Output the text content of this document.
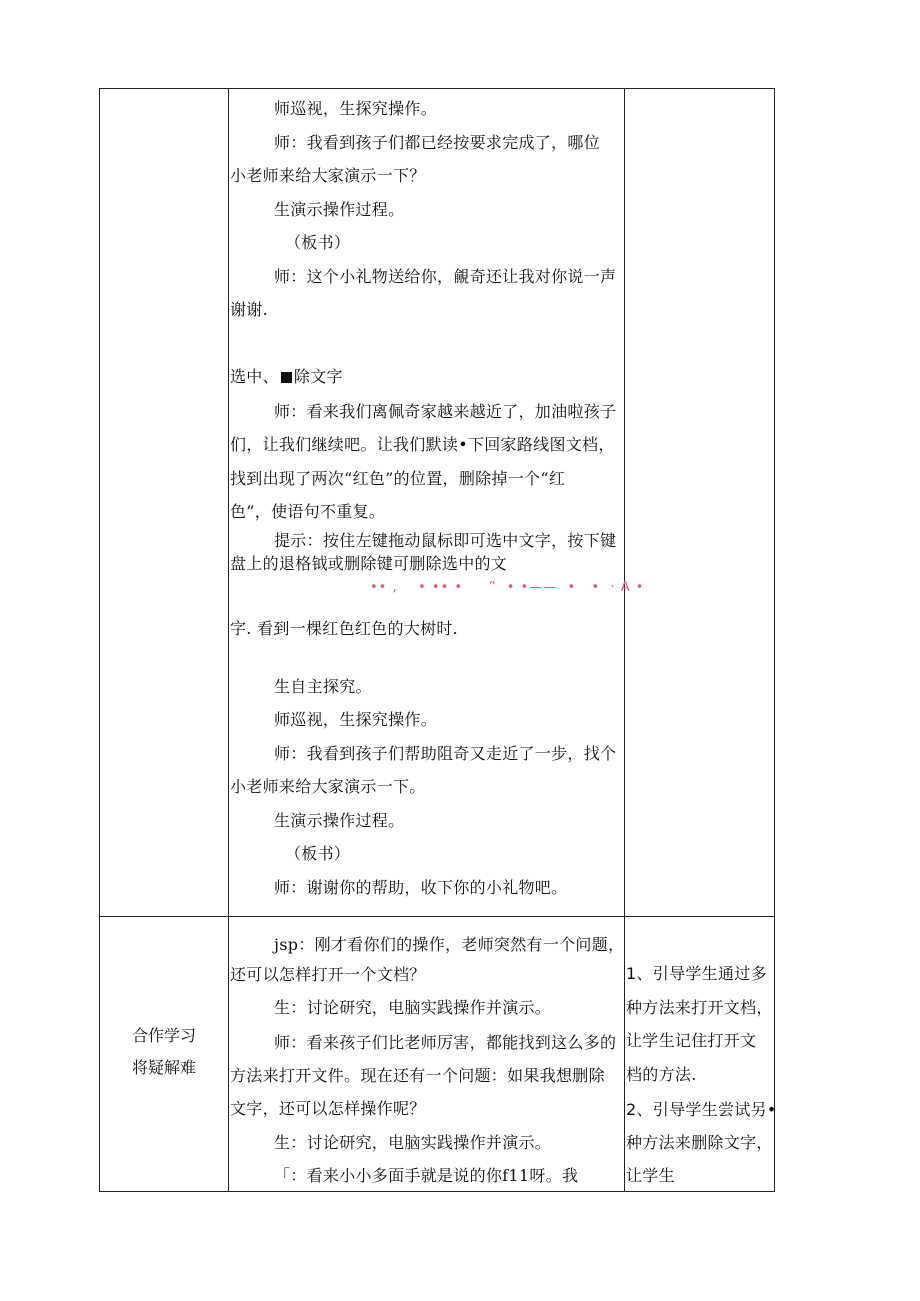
师巡视，生探究操作。
师：我看到孩子们都已经按要求完成了，哪位
小老师来给大家演示一下？
生演示操作过程。
（板书）
师：这个小礼物送给你，覦奇还让我对你说一声
谢谢.
选中、 除文字
师：看来我们离佩奇家越来越近了，加油啦孩子
们，让我们继续吧。让我们默读•下回家路线图文档，
找到出现了两次“红色”的位置，删除掉一个“红
色”，使语句不重复。
提示：按住左键拖动鼠标即可选中文字，按下键
盘上的退格钺或删除键可删除选中的文
•• ,    • •• •     ”  • •——  •   •  · A •
字. 看到一棵红色红色的大树时.
生自主探究。
师巡视，生探究操作。
师：我看到孩子们帮助阻奇又走近了一步，找个
小老师来给大家演示一下。
生演示操作过程。
（板书）
师：谢谢你的帮助，收下你的小礼物吧。
合作学习
将疑解难
jsp：刚才看你们的操作，老师突然有一个问题，
还可以怎样打开一个文档？
生：讨论研究，电脑实践操作并演示。
师：看来孩子们比老师厉害，都能找到这么多的
方法来打开文件。现在还有一个问题：如果我想删除
文字，还可以怎样操作呢？
生：讨论研究，电脑实践操作并演示。
「：看来小小多面手就是说的你f11呀。我
1、引导学生通过多
种方法来打开文档，
让学生记住打开文
档的方法.
2、引导学生尝试另•
种方法来删除文字，
让学生
